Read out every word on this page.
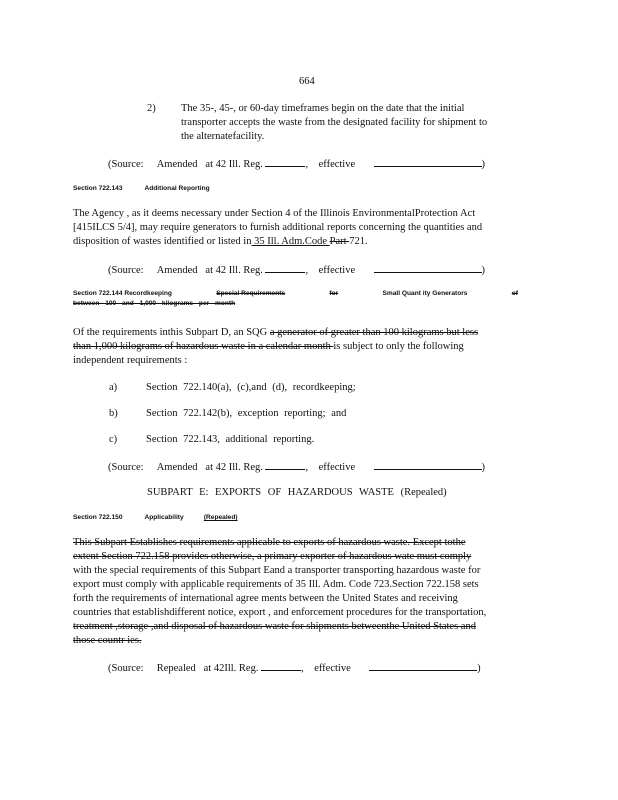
664
2) The 35-, 45-, or 60-day timeframes begin on the date that the initial
transporter accepts the waste from the designated facility for shipment to
the alternatefacility.
(Source: Amended at 42 Ill. Reg.	, effective	)
Section 722.143	Additional Reporting
The Agency , as it deems necessary under Section 4 of the Illinois EnvironmentalProtection Act
[415ILCS 5/4], may require generators to furnish additional reports concerning the quantities and
disposition of wastes identified or listed in 35 Ill. Adm.Code Part 721.
(Source: Amended at 42 Ill. Reg.	, effective	)
Section 722.144 Recordkeeping	Special Requirements	for	Small Quant ity Generators	of
between 100 and 1,000 kilograms per month
Of the requirements inthis Subpart D, an SQG a generator of greater than 100 kilograms but less
than 1,000 kilograms of hazardous waste in a calendar month is subject to only the following
independent requirements :
a)	Section 722.140(a), (c),and (d), recordkeeping;
b)	Section 722.142(b), exception reporting; and
c)	Section 722.143, additional reporting.
(Source: Amended at 42 Ill. Reg.	, effective	)
SUBPART E: EXPORTS OF HAZARDOUS WASTE (Repealed)
Section 722.150	Applicability	(Repealed)
This Subpart Establishes requirements applicable to exports of hazardous waste. Except tothe
extent Section 722.158 provides otherwise, a primary exporter of hazardous wate must comply
with the special requirements of this Subpart Eand a transporter transporting hazardous waste for
export must comply with applicable requirements of 35 Ill. Adm. Code 723.Section 722.158 sets
forth the requirements of international agree ments between the United States and receiving
countries that establishdifferent notice, export , and enforcement procedures for the transportation,
treatment ,storage ,and disposal of hazardous waste for shipments betweenthe United States and
those countr ies.
(Source: Repealed at 42Ill. Reg.	, effective	)
